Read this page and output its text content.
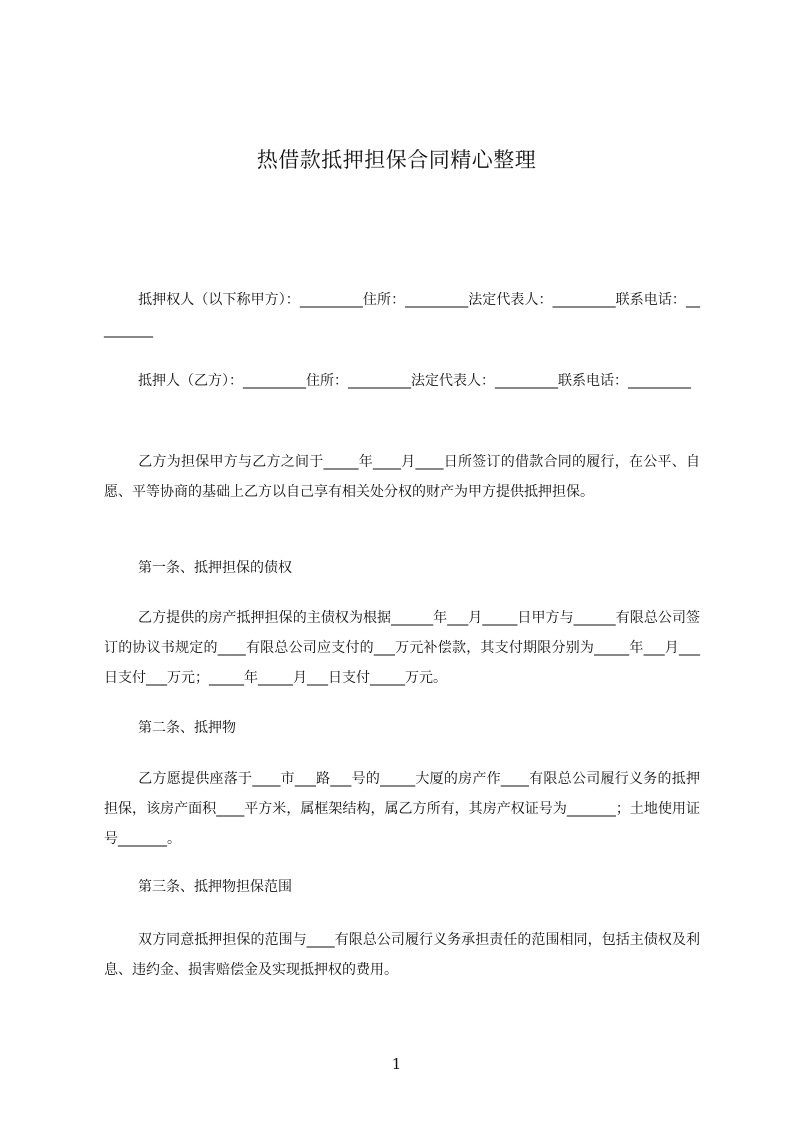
热借款抵押担保合同精心整理

抵押权人（以下称甲方）：_________住所：_________法定代表人：_________联系电话：_________

抵押人（乙方）：_________住所：_________法定代表人：_________联系电话：_________

乙方为担保甲方与乙方之间于_____年____月____日所签订的借款合同的履行，在公平、自愿、平等协商的基础上乙方以自己享有相关处分权的财产为甲方提供抵押担保。

第一条、抵押担保的债权

乙方提供的房产抵押担保的主债权为根据______年___月_____日甲方与______有限总公司签订的协议书规定的____有限总公司应支付的___万元补偿款，其支付期限分别为_____年___月___日支付___万元；_____年_____月___日支付_____万元。

第二条、抵押物

乙方愿提供座落于____市___路___号的_____大厦的房产作____有限总公司履行义务的抵押担保，该房产面积____平方米，属框架结构，属乙方所有，其房产权证号为_______；土地使用证号_______。

第三条、抵押物担保范围

双方同意抵押担保的范围与____有限总公司履行义务承担责任的范围相同，包括主债权及利息、违约金、损害赔偿金及实现抵押权的费用。

1
